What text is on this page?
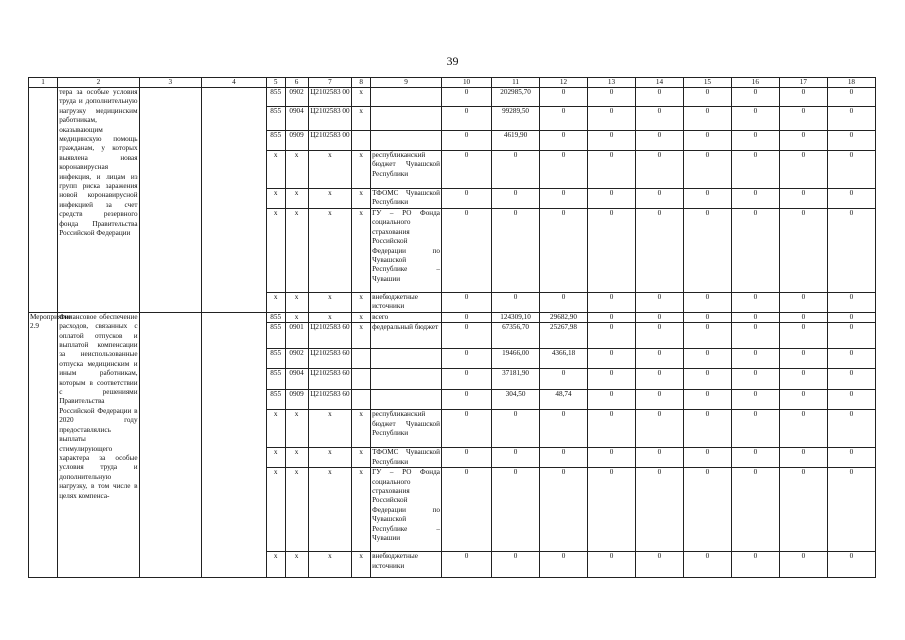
39
1	2	3	4	5	6	7	8	9	10	11	12	13	14	15	16	17	18
	тера за особые условия труда и дополнительную нагрузку медицинским работникам, оказывающим медицинскую помощь гражданам, у которых выявлена новая коронавирусная инфекция, и лицам из групп риска заражения новой коронавирусной инфекцией за счет средств резервного фонда Правительства Российской Федерации			855	0902	Ц2102583 00	х		0	202985,70	0	0	0	0	0	0	0
				855	0904	Ц2102583 00	х		0	99289,50	0	0	0	0	0	0	0
				855	0909	Ц2102583 00			0	4619,90	0	0	0	0	0	0	0
				х	х	х	х	республиканский бюджет Чувашской Республики	0	0	0	0	0	0	0	0	0
				х	х	х	х	ТФОМС Чувашской Республики	0	0	0	0	0	0	0	0	0
				х	х	х	х	ГУ – РО Фонда социального страхования Российской Федерации по Чувашской Республике – Чувашии	0	0	0	0	0	0	0	0	0
				х	х	х	х	внебюджетные источники	0	0	0	0	0	0	0	0	0
Мероприятие 2.9	Финансовое обеспечение расходов, связанных с оплатой отпусков и выплатой компенсации за неиспользованные отпуска медицинским и иным работникам, которым в соответствии с решениями Правительства Российской Федерации в 2020 году предоставлялись выплаты стимулирующего характера за особые условия труда и дополнительную нагрузку, в том числе в целях компенса-			855	х	х	х	всего	0	124309,10	29682,90	0	0	0	0	0	0
				855	0901	Ц2102583 60	х	федеральный бюджет	0	67356,70	25267,98	0	0	0	0	0	0
				855	0902	Ц2102583 60			0	19466,00	4366,18	0	0	0	0	0	0
				855	0904	Ц2102583 60			0	37181,90	0	0	0	0	0	0	0
				855	0909	Ц2102583 60			0	304,50	48,74	0	0	0	0	0	0
				х	х	х	х	республиканский бюджет Чувашской Республики	0	0	0	0	0	0	0	0	0
				х	х	х	х	ТФОМС Чувашской Республики	0	0	0	0	0	0	0	0	0
				х	х	х	х	ГУ – РО Фонда социального страхования Российской Федерации по Чувашской Республике – Чувашии	0	0	0	0	0	0	0	0	0
				х	х	х	х	внебюджетные источники	0	0	0	0	0	0	0	0	0
